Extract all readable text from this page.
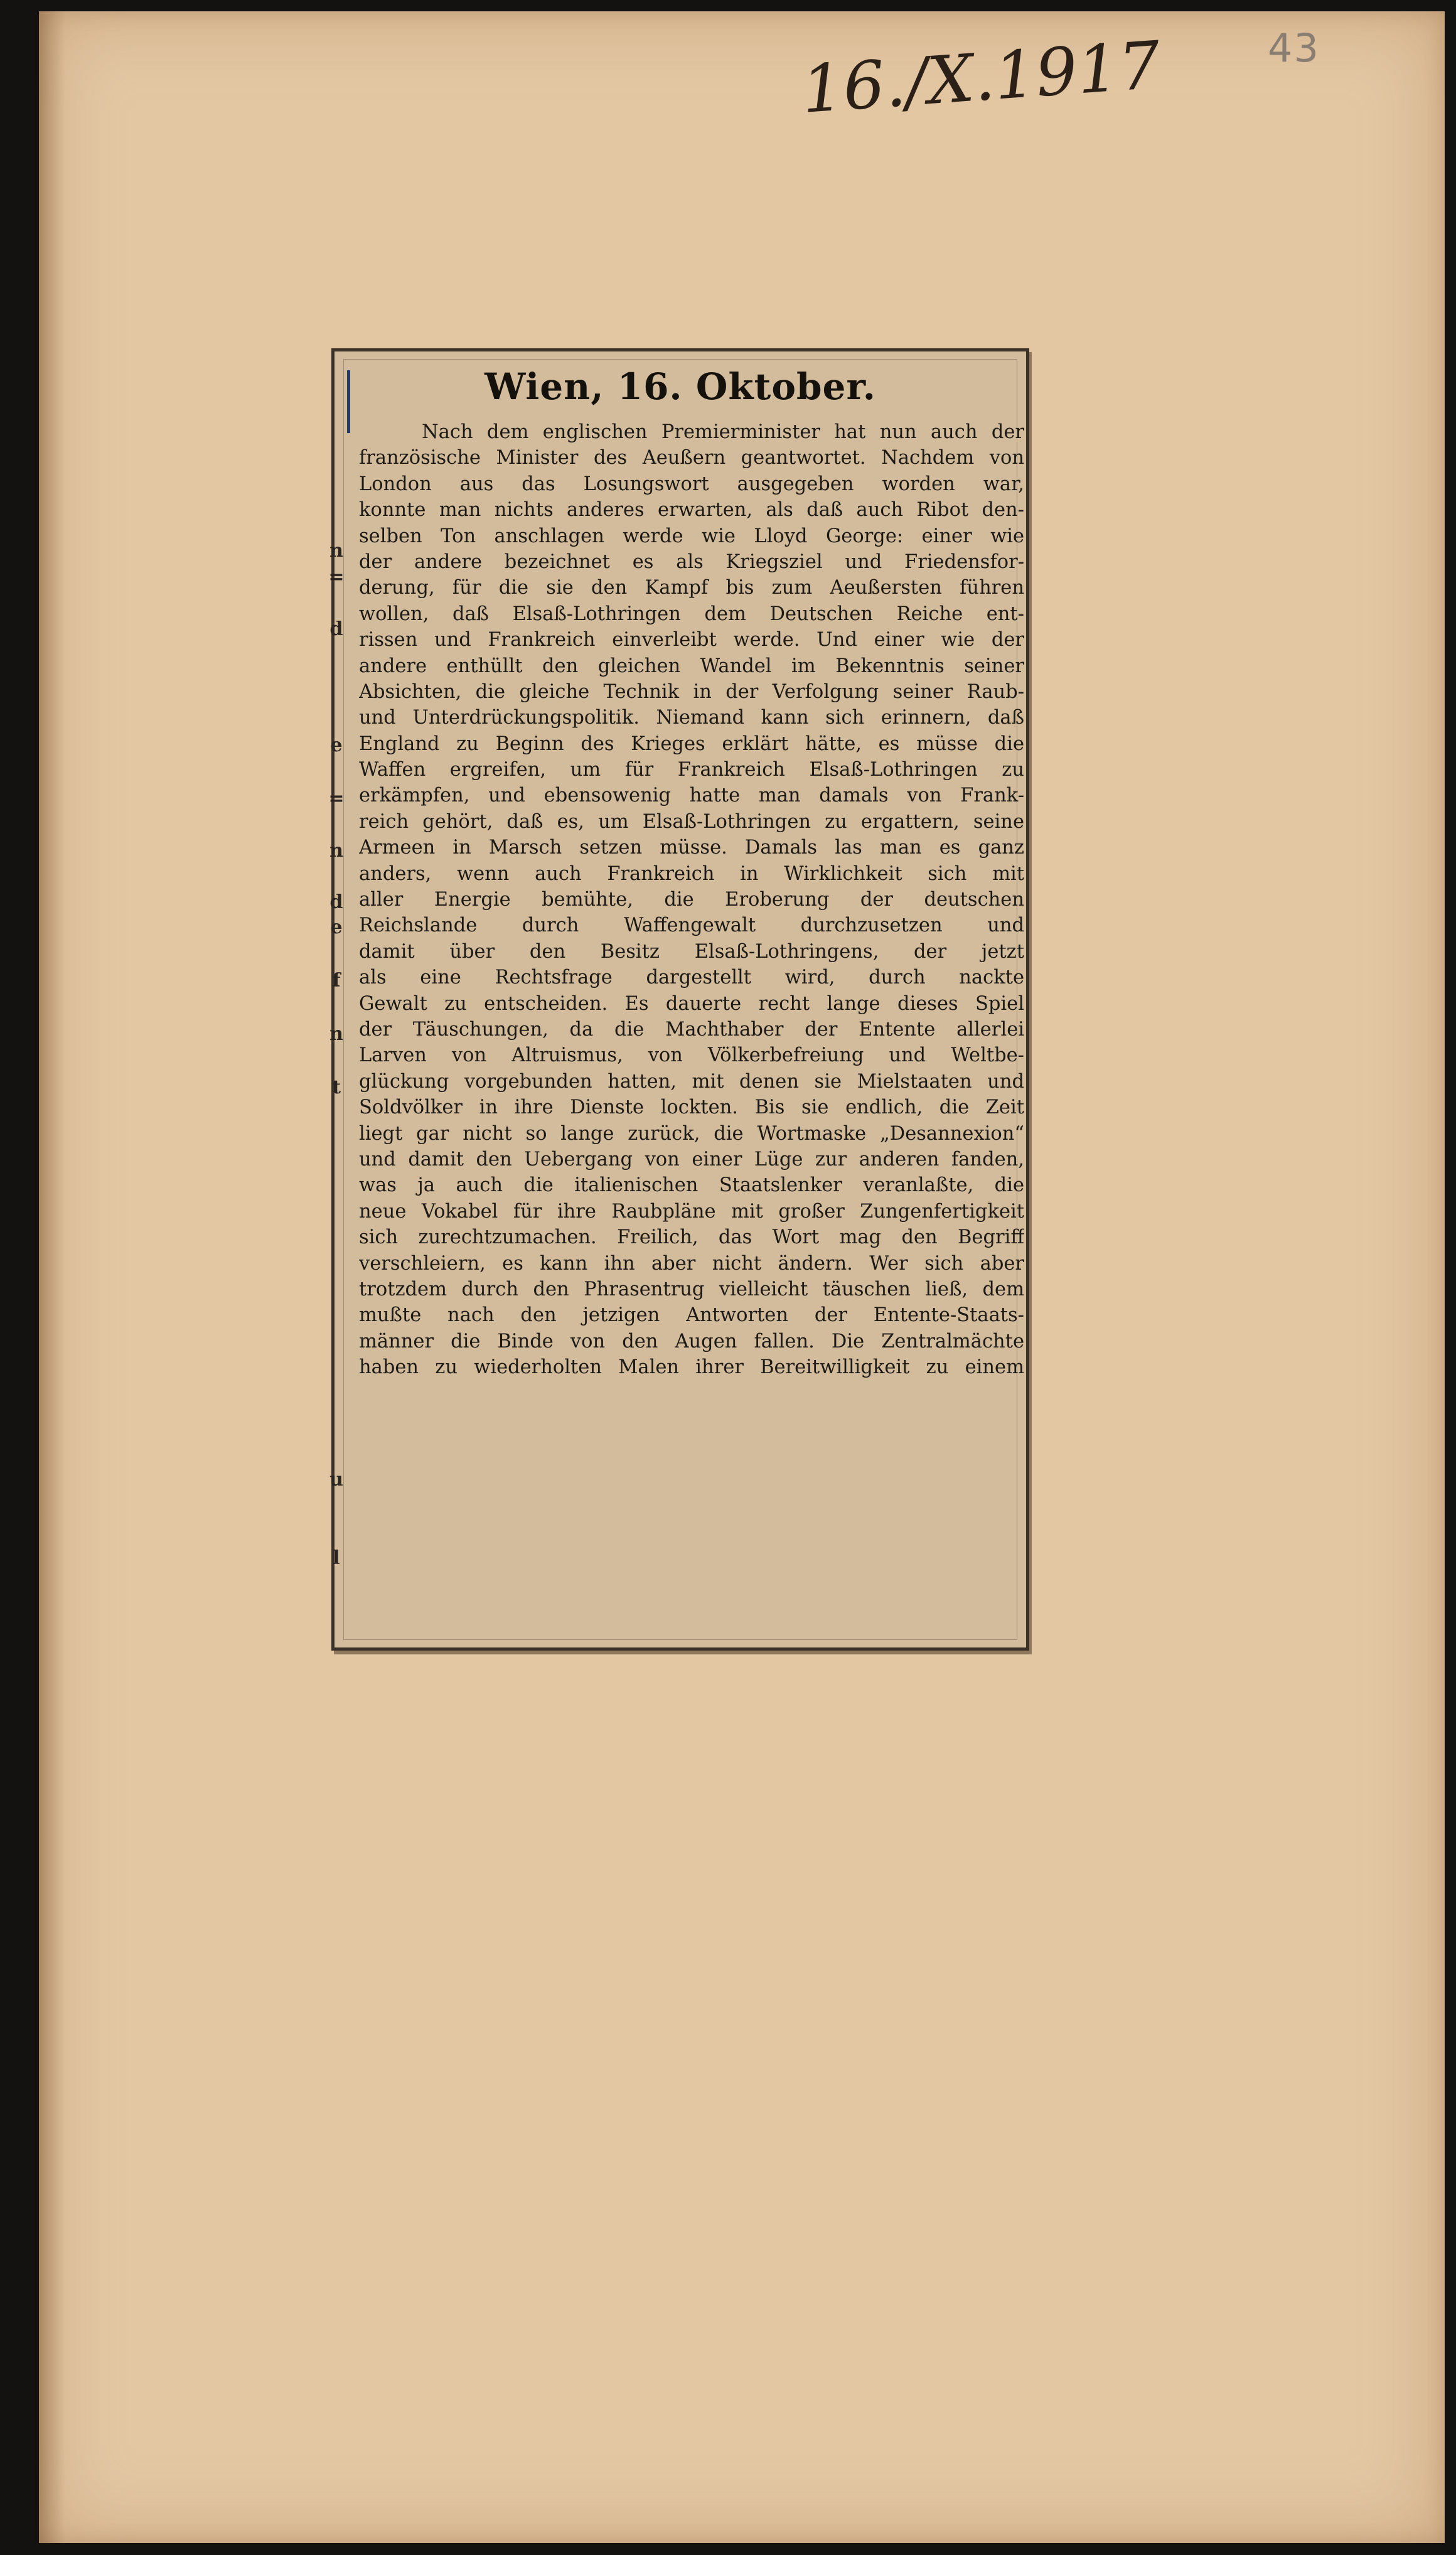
43
16./X.1917
n
=
d
e
=
n
d
e
f
n
t
u
l
Wien, 16. Oktober.
Nach dem englischen Premierminister hat nun auch der
französische Minister des Aeußern geantwortet. Nachdem von
London aus das Losungswort ausgegeben worden war,
konnte man nichts anderes erwarten, als daß auch Ribot den-
selben Ton anschlagen werde wie Lloyd George: einer wie
der andere bezeichnet es als Kriegsziel und Friedensfor-
derung, für die sie den Kampf bis zum Aeußersten führen
wollen, daß Elsaß-Lothringen dem Deutschen Reiche ent-
rissen und Frankreich einverleibt werde. Und einer wie der
andere enthüllt den gleichen Wandel im Bekenntnis seiner
Absichten, die gleiche Technik in der Verfolgung seiner Raub-
und Unterdrückungspolitik. Niemand kann sich erinnern, daß
England zu Beginn des Krieges erklärt hätte, es müsse die
Waffen ergreifen, um für Frankreich Elsaß-Lothringen zu
erkämpfen, und ebensowenig hatte man damals von Frank-
reich gehört, daß es, um Elsaß-Lothringen zu ergattern, seine
Armeen in Marsch setzen müsse. Damals las man es ganz
anders, wenn auch Frankreich in Wirklichkeit sich mit
aller Energie bemühte, die Eroberung der deutschen
Reichslande durch Waffengewalt durchzusetzen und
damit über den Besitz Elsaß-Lothringens, der jetzt
als eine Rechtsfrage dargestellt wird, durch nackte
Gewalt zu entscheiden. Es dauerte recht lange dieses Spiel
der Täuschungen, da die Machthaber der Entente allerlei
Larven von Altruismus, von Völkerbefreiung und Weltbe-
glückung vorgebunden hatten, mit denen sie Mielstaaten und
Soldvölker in ihre Dienste lockten. Bis sie endlich, die Zeit
liegt gar nicht so lange zurück, die Wortmaske „Desannexion“
und damit den Uebergang von einer Lüge zur anderen fanden,
was ja auch die italienischen Staatslenker veranlaßte, die
neue Vokabel für ihre Raubpläne mit großer Zungenfertigkeit
sich zurechtzumachen. Freilich, das Wort mag den Begriff
verschleiern, es kann ihn aber nicht ändern. Wer sich aber
trotzdem durch den Phrasentrug vielleicht täuschen ließ, dem
mußte nach den jetzigen Antworten der Entente-Staats-
männer die Binde von den Augen fallen. Die Zentralmächte
haben zu wiederholten Malen ihrer Bereitwilligkeit zu einem
